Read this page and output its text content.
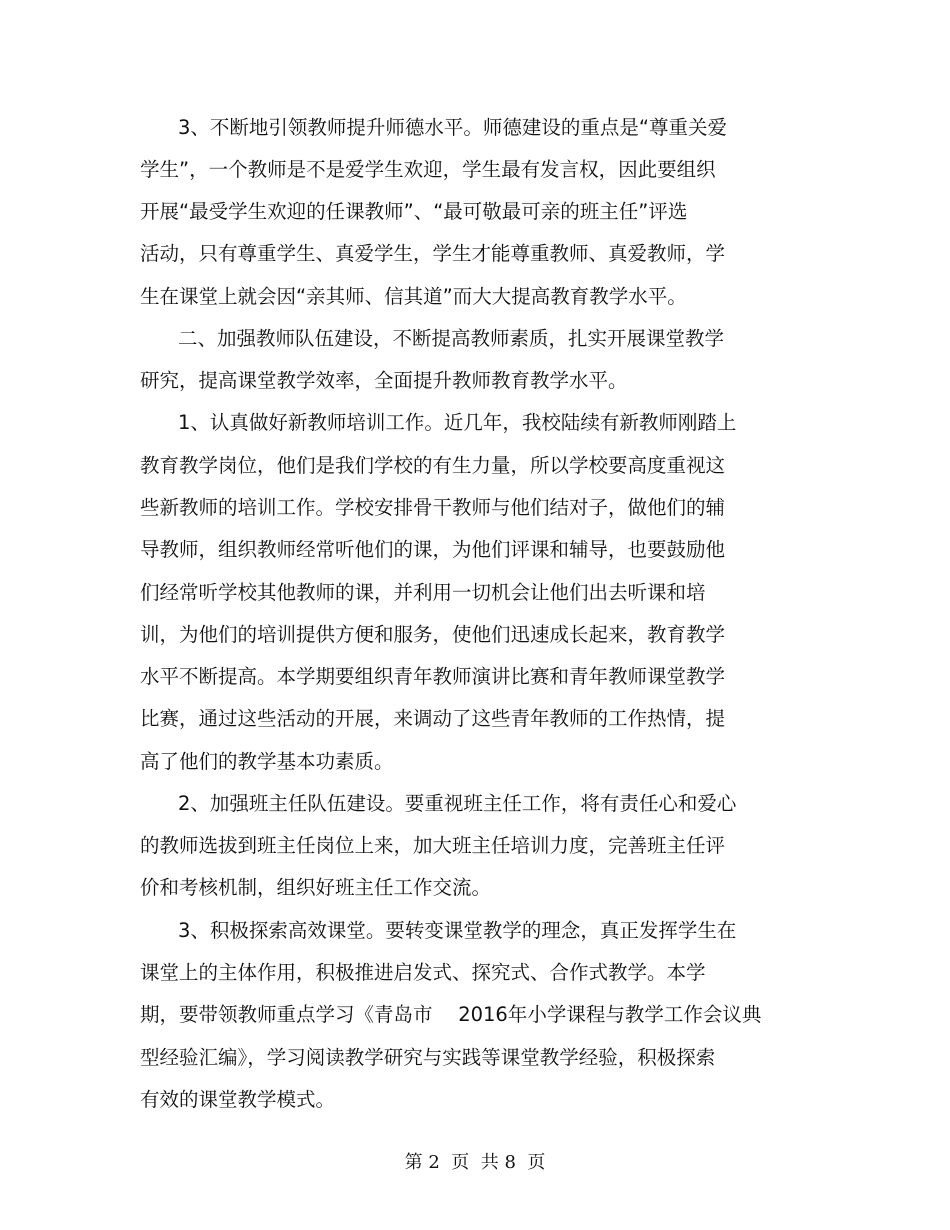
3、不断地引领教师提升师德水平。师德建设的重点是“尊重关爱
学生”，一个教师是不是爱学生欢迎，学生最有发言权，因此要组织
开展“最受学生欢迎的任课教师”、“最可敬最可亲的班主任”评选
活动，只有尊重学生、真爱学生，学生才能尊重教师、真爱教师，学
生在课堂上就会因“亲其师、信其道”而大大提高教育教学水平。
二、加强教师队伍建设，不断提高教师素质，扎实开展课堂教学
研究，提高课堂教学效率，全面提升教师教育教学水平。
1、认真做好新教师培训工作。近几年，我校陆续有新教师刚踏上
教育教学岗位，他们是我们学校的有生力量，所以学校要高度重视这
些新教师的培训工作。学校安排骨干教师与他们结对子，做他们的辅
导教师，组织教师经常听他们的课，为他们评课和辅导，也要鼓励他
们经常听学校其他教师的课，并利用一切机会让他们出去听课和培
训，为他们的培训提供方便和服务，使他们迅速成长起来，教育教学
水平不断提高。本学期要组织青年教师演讲比赛和青年教师课堂教学
比赛，通过这些活动的开展，来调动了这些青年教师的工作热情，提
高了他们的教学基本功素质。
2、加强班主任队伍建设。要重视班主任工作，将有责任心和爱心
的教师选拔到班主任岗位上来，加大班主任培训力度，完善班主任评
价和考核机制，组织好班主任工作交流。
3、积极探索高效课堂。要转变课堂教学的理念，真正发挥学生在
课堂上的主体作用，积极推进启发式、探究式、合作式教学。本学
期，要带领教师重点学习《青岛市　 2016年小学课程与教学工作会议典
型经验汇编》，学习阅读教学研究与实践等课堂教学经验，积极探索
有效的课堂教学模式。
第 2  页  共 8  页
